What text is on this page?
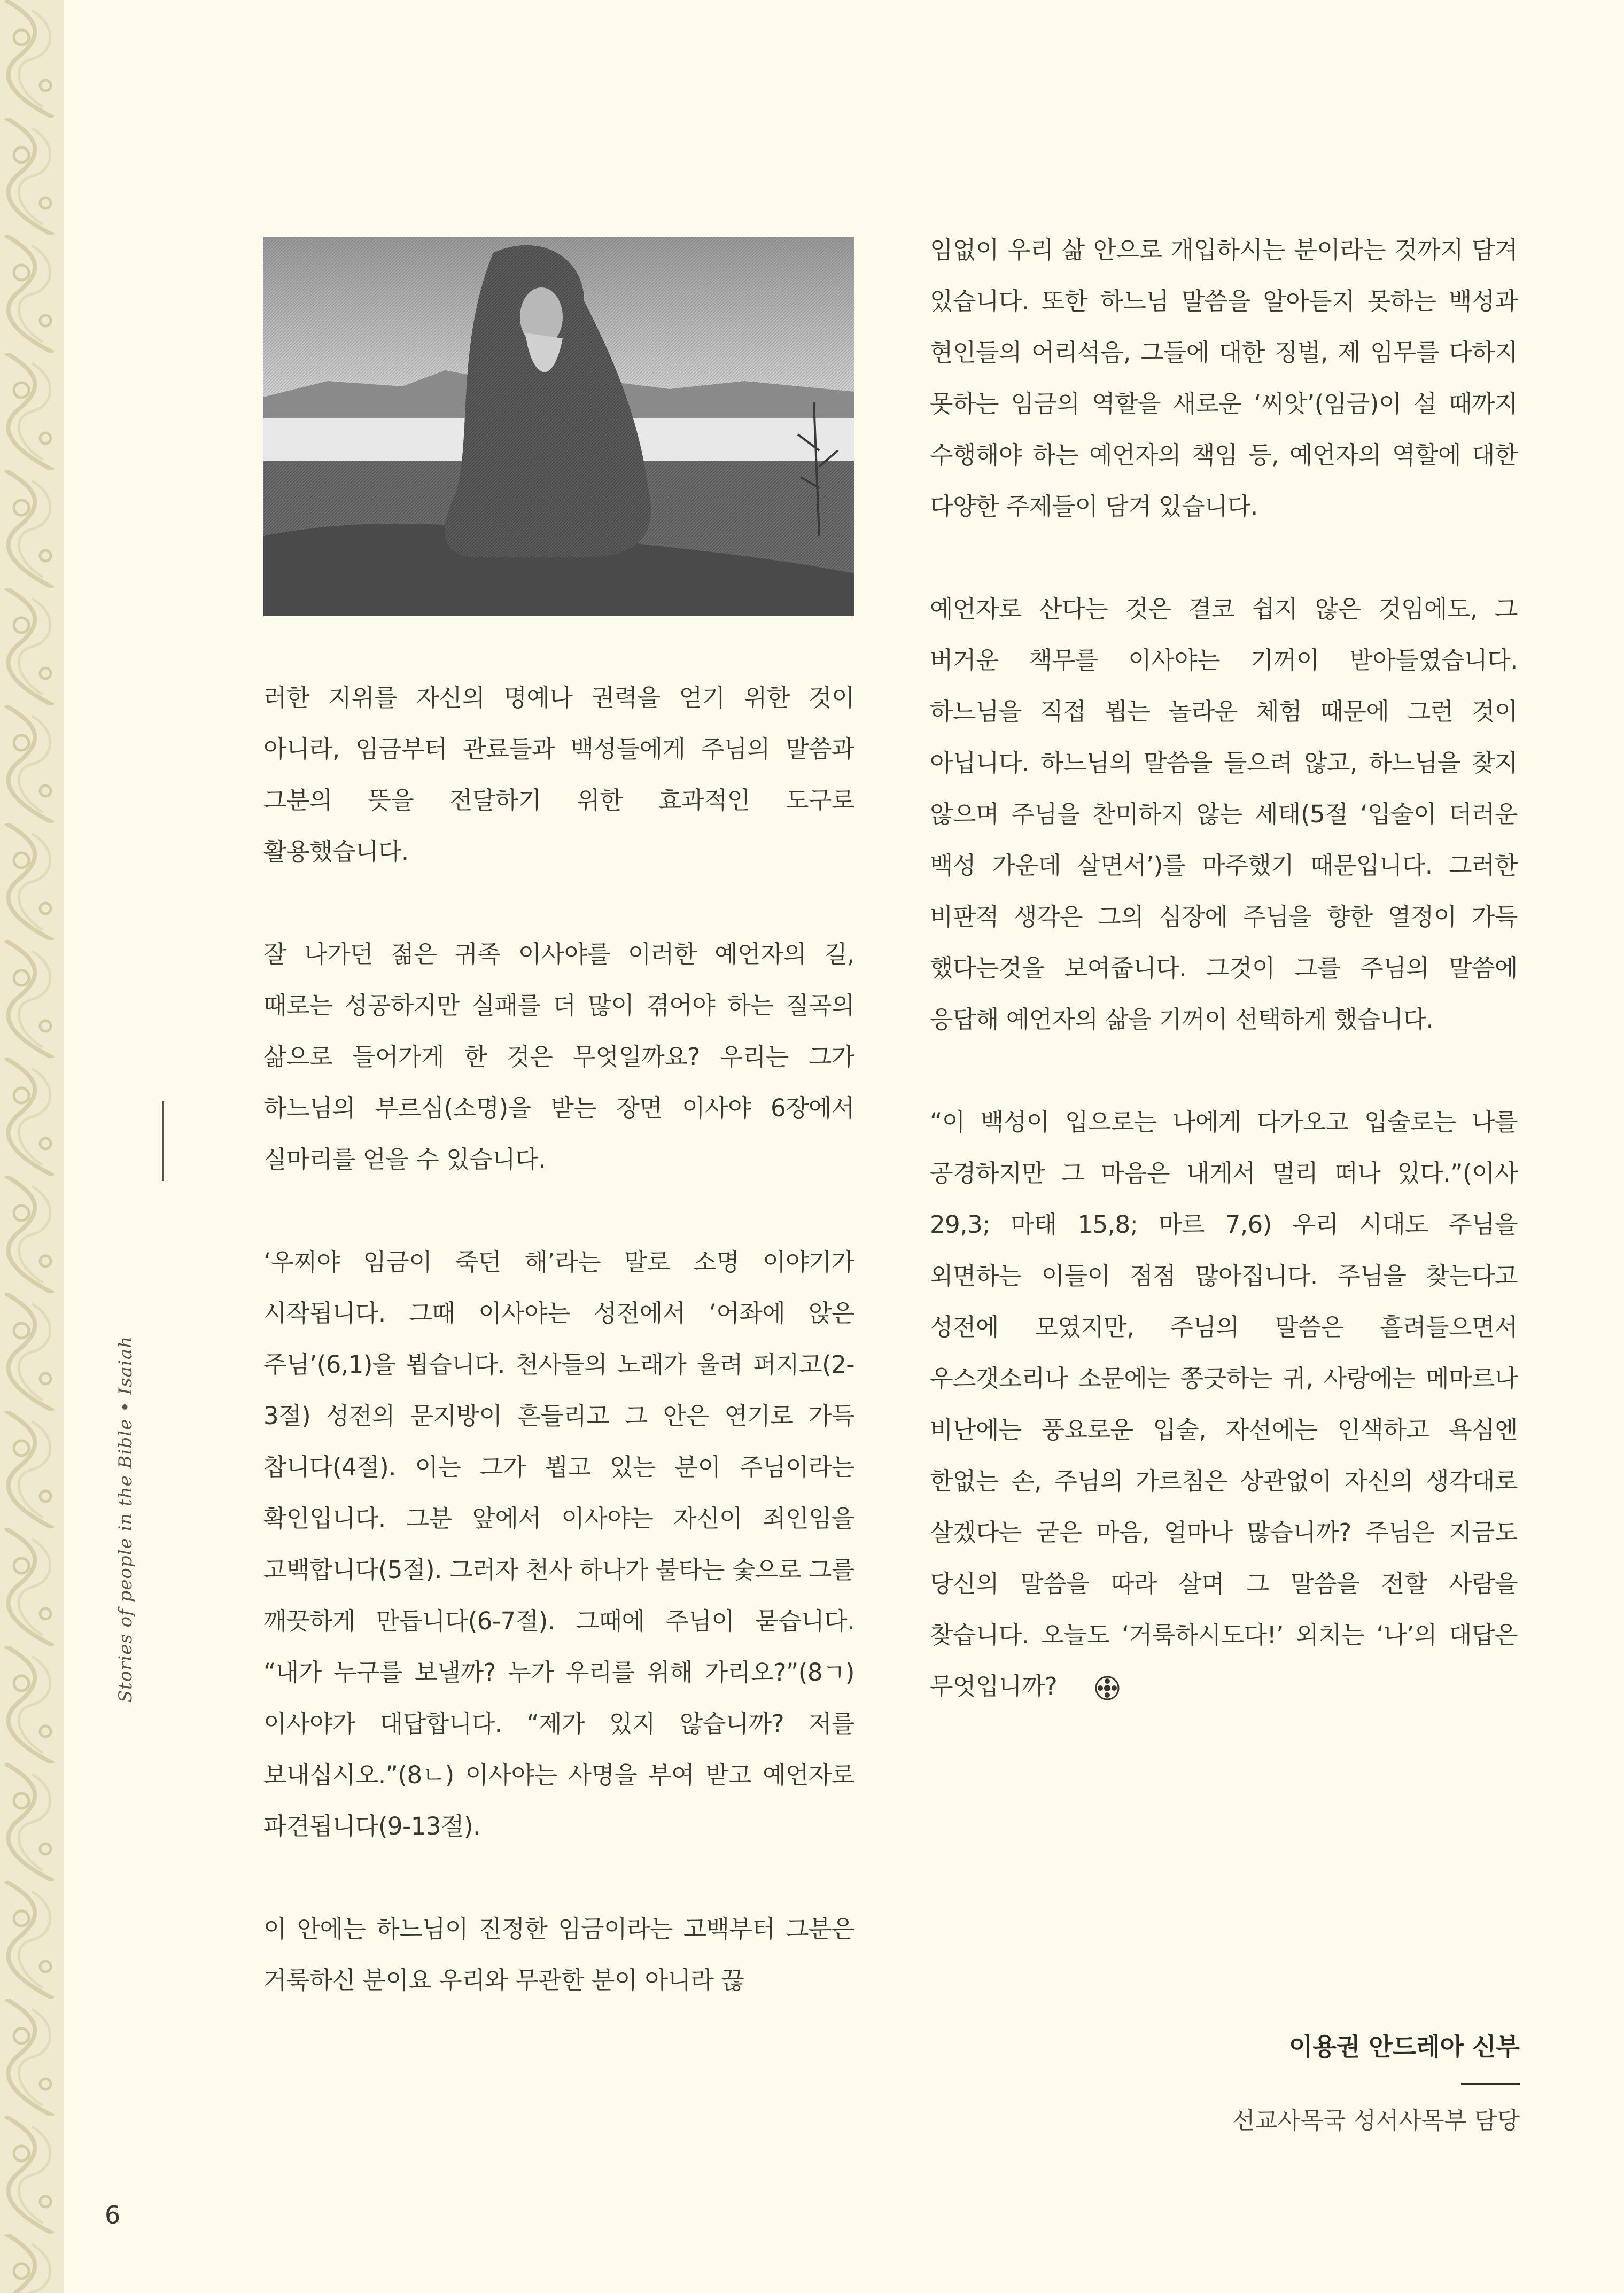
Stories of people in the Bible • Isaiah

러한 지위를 자신의 명예나 권력을 얻기 위한 것이 아니라, 임금부터 관료들과 백성들에게 주님의 말씀과 그분의 뜻을 전달하기 위한 효과적인 도구로 활용했습니다.

잘 나가던 젊은 귀족 이사야를 이러한 예언자의 길, 때로는 성공하지만 실패를 더 많이 겪어야 하는 질곡의 삶으로 들어가게 한 것은 무엇일까요? 우리는 그가 하느님의 부르심(소명)을 받는 장면 이사야 6장에서 실마리를 얻을 수 있습니다.

‘우찌야 임금이 죽던 해’라는 말로 소명 이야기가 시작됩니다. 그때 이사야는 성전에서 ‘어좌에 앉은 주님’(6,1)을 뵙습니다. 천사들의 노래가 울려 퍼지고(2-3절) 성전의 문지방이 흔들리고 그 안은 연기로 가득 찹니다(4절). 이는 그가 뵙고 있는 분이 주님이라는 확인입니다. 그분 앞에서 이사야는 자신이 죄인임을 고백합니다(5절). 그러자 천사 하나가 불타는 숯으로 그를 깨끗하게 만듭니다(6-7절). 그때에 주님이 묻습니다. “내가 누구를 보낼까? 누가 우리를 위해 가리오?”(8ㄱ) 이사야가 대답합니다. “제가 있지 않습니까? 저를 보내십시오.”(8ㄴ) 이사야는 사명을 부여 받고 예언자로 파견됩니다(9-13절).

이 안에는 하느님이 진정한 임금이라는 고백부터 그분은 거룩하신 분이요 우리와 무관한 분이 아니라 끊

임없이 우리 삶 안으로 개입하시는 분이라는 것까지 담겨 있습니다. 또한 하느님 말씀을 알아듣지 못하는 백성과 현인들의 어리석음, 그들에 대한 징벌, 제 임무를 다하지 못하는 임금의 역할을 새로운 ‘씨앗’(임금)이 설 때까지 수행해야 하는 예언자의 책임 등, 예언자의 역할에 대한 다양한 주제들이 담겨 있습니다.

예언자로 산다는 것은 결코 쉽지 않은 것임에도, 그 버거운 책무를 이사야는 기꺼이 받아들였습니다. 하느님을 직접 뵙는 놀라운 체험 때문에 그런 것이 아닙니다. 하느님의 말씀을 들으려 않고, 하느님을 찾지 않으며 주님을 찬미하지 않는 세태(5절 ‘입술이 더러운 백성 가운데 살면서’)를 마주했기 때문입니다. 그러한 비판적 생각은 그의 심장에 주님을 향한 열정이 가득 했다는것을 보여줍니다. 그것이 그를 주님의 말씀에 응답해 예언자의 삶을 기꺼이 선택하게 했습니다.

“이 백성이 입으로는 나에게 다가오고 입술로는 나를 공경하지만 그 마음은 내게서 멀리 떠나 있다.”(이사 29,3; 마태 15,8; 마르 7,6) 우리 시대도 주님을 외면하는 이들이 점점 많아집니다. 주님을 찾는다고 성전에 모였지만, 주님의 말씀은 흘려들으면서 우스갯소리나 소문에는 쫑긋하는 귀, 사랑에는 메마르나 비난에는 풍요로운 입술, 자선에는 인색하고 욕심엔 한없는 손, 주님의 가르침은 상관없이 자신의 생각대로 살겠다는 굳은 마음, 얼마나 많습니까? 주님은 지금도 당신의 말씀을 따라 살며 그 말씀을 전할 사람을 찾습니다. 오늘도 ‘거룩하시도다!’ 외치는 ‘나’의 대답은 무엇입니까?

이용권 안드레아 신부
선교사목국 성서사목부 담당
6
